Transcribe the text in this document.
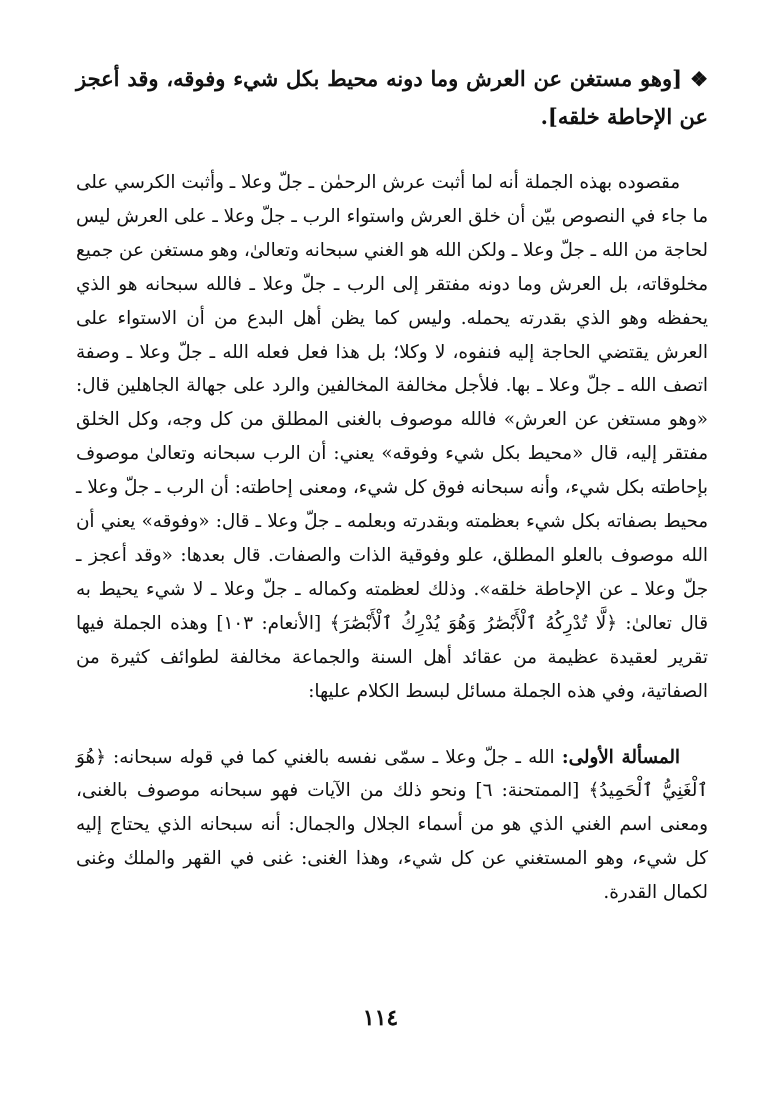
❖[وهو مستغن عن العرش وما دونه محيط بكل شيء وفوقه، وقد أعجز عن الإحاطة خلقه].

مقصوده بهذه الجملة أنه لما أثبت عرش الرحمٰن ـ جلّ وعلا ـ وأثبت الكرسي على ما جاء في النصوص بيّن أن خلق العرش واستواء الرب ـ جلّ وعلا ـ على العرش ليس لحاجة من الله ـ جلّ وعلا ـ ولكن الله هو الغني سبحانه وتعالىٰ، وهو مستغن عن جميع مخلوقاته، بل العرش وما دونه مفتقر إلى الرب ـ جلّ وعلا ـ فالله سبحانه هو الذي يحفظه وهو الذي بقدرته يحمله. وليس كما يظن أهل البدع من أن الاستواء على العرش يقتضي الحاجة إليه فنفوه، لا وكلا؛ بل هذا فعل فعله الله ـ جلّ وعلا ـ وصفة اتصف الله ـ جلّ وعلا ـ بها. فلأجل مخالفة المخالفين والرد على جهالة الجاهلين قال: «وهو مستغن عن العرش» فالله موصوف بالغنى المطلق من كل وجه، وكل الخلق مفتقر إليه، قال «محيط بكل شيء وفوقه» يعني: أن الرب سبحانه وتعالىٰ موصوف بإحاطته بكل شيء، وأنه سبحانه فوق كل شيء، ومعنى إحاطته: أن الرب ـ جلّ وعلا ـ محيط بصفاته بكل شيء بعظمته وبقدرته وبعلمه ـ جلّ وعلا ـ قال: «وفوقه» يعني أن الله موصوف بالعلو المطلق، علو وفوقية الذات والصفات. قال بعدها: «وقد أعجز ـ جلّ وعلا ـ عن الإحاطة خلقه». وذلك لعظمته وكماله ـ جلّ وعلا ـ لا شيء يحيط به قال تعالىٰ: ﴿لَّا تُدْرِكُهُ ٱلْأَبْصَٰرُ وَهُوَ يُدْرِكُ ٱلْأَبْصَٰرَ﴾ [الأنعام: ١٠٣] وهذه الجملة فيها تقرير لعقيدة عظيمة من عقائد أهل السنة والجماعة مخالفة لطوائف كثيرة من الصفاتية، وفي هذه الجملة مسائل لبسط الكلام عليها:

المسألة الأولى: الله ـ جلّ وعلا ـ سمّى نفسه بالغني كما في قوله سبحانه: ﴿هُوَ ٱلْغَنِيُّ ٱلْحَمِيدُ﴾ [الممتحنة: ٦] ونحو ذلك من الآيات فهو سبحانه موصوف بالغنى، ومعنى اسم الغني الذي هو من أسماء الجلال والجمال: أنه سبحانه الذي يحتاج إليه كل شيء، وهو المستغني عن كل شيء، وهذا الغنى: غنى في القهر والملك وغنى لكمال القدرة.

١١٤
